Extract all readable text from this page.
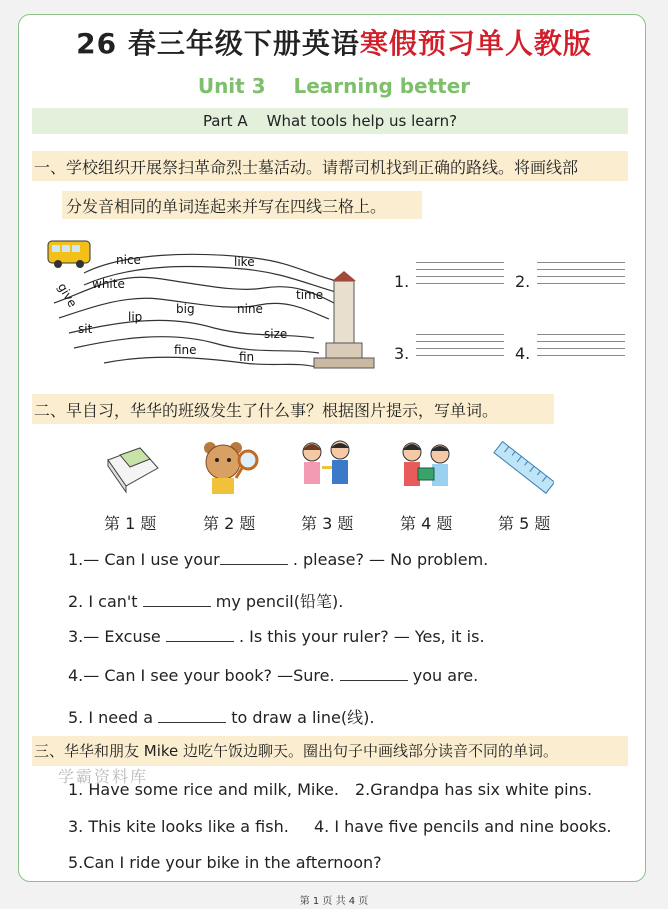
26 春三年级下册英语寒假预习单人教版
Unit 3    Learning better
Part A    What tools help us learn?
一、学校组织开展祭扫革命烈士墓活动。请帮司机找到正确的路线。将画线部
分发音相同的单词连起来并写在四线三格上。
nice	like
white
give
lip
big	nine
time
sit	size
fine	fin
1.	2.
3.	4.
二、早自习，华华的班级发生了什么事？根据图片提示，写单词。
第 1 题	第 2 题	第 3 题	第 4 题	第 5 题
1.— Can I use your	. please? — No problem.
2. I can't	my pencil(铅笔).
3.— Excuse	. Is this your ruler? — Yes, it is.
4.— Can I see your book? —Sure.	you are.
5. I need a	to draw a line(线).
三、华华和朋友 Mike 边吃午饭边聊天。圈出句子中画线部分读音不同的单词。
学霸资料库
1. Have some rice and milk, Mike. 2.Grandpa has six white pins.
3. This kite looks like a fish. 4. I have five pencils and nine books.
5.Can I ride your bike in the afternoon?
第 1 页 共 4 页
